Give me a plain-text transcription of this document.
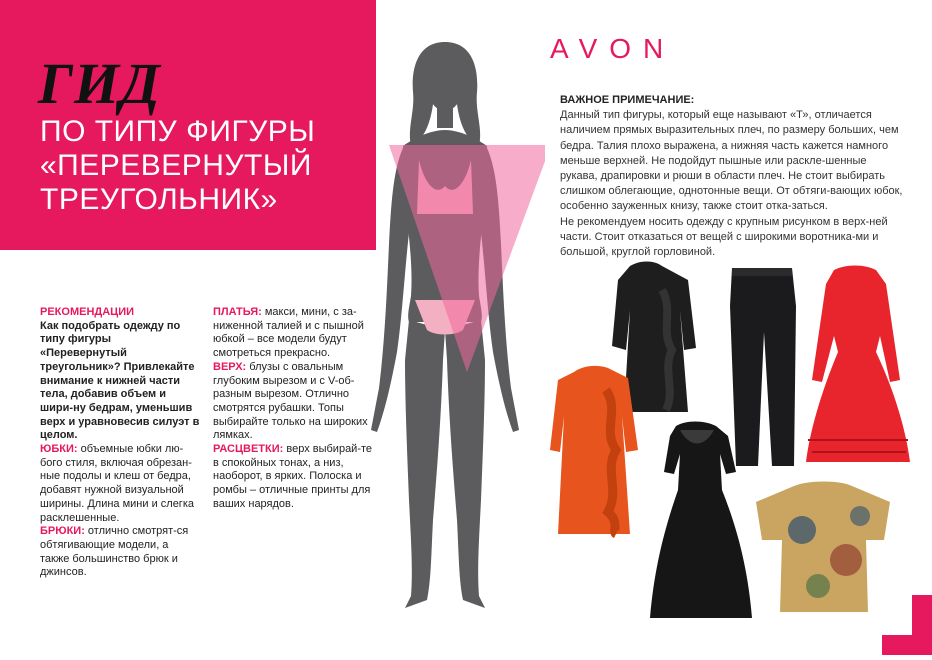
ГИД
ПО ТИПУ ФИГУРЫ
«ПЕРЕВЕРНУТЫЙ
ТРЕУГОЛЬНИК»
AVON

ВАЖНОЕ ПРИМЕЧАНИЕ:

Данный тип фигуры, который еще называют «Т», отличается наличием прямых выразительных плеч, по размеру больших, чем бедра. Талия плохо выражена, а нижняя часть кажется намного меньше верхней. Не подойдут пышные или раскле-шенные рукава, драпировки и рюши в области плеч. Не стоит выбирать слишком облегающие, однотонные вещи. От обтяги-вающих юбок, особенно зауженных книзу, также стоит отка-заться.

Не рекомендуем носить одежду с крупным рисунком в верх-ней части. Стоит отказаться от вещей с широкими воротника-ми и большой, круглой горловиной.

РЕКОМЕНДАЦИИ

Как подобрать одежду по типу фигуры «Перевернутый треугольник»? Привлекайте внимание к нижней части тела, добавив объем и шири-ну бедрам, уменьшив верх и уравновесив силуэт в целом.

ЮБКИ: объемные юбки лю-бого стиля, включая обрезан-ные подолы и клеш от бедра, добавят нужной визуальной ширины. Длина мини и слегка расклешенные.

БРЮКИ: отлично смотрят-ся обтягивающие модели, а также большинство брюк и джинсов.

ПЛАТЬЯ: макси, мини, с за-ниженной талией и с пышной юбкой – все модели будут смотреться прекрасно.

ВЕРХ: блузы с овальным глубоким вырезом и с V-об-разным вырезом. Отлично смотрятся рубашки. Топы выбирайте только на широких лямках.

РАСЦВЕТКИ: верх выбирай-те в спокойных тонах, а низ, наоборот, в ярких. Полоска и ромбы – отличные принты для ваших нарядов.
